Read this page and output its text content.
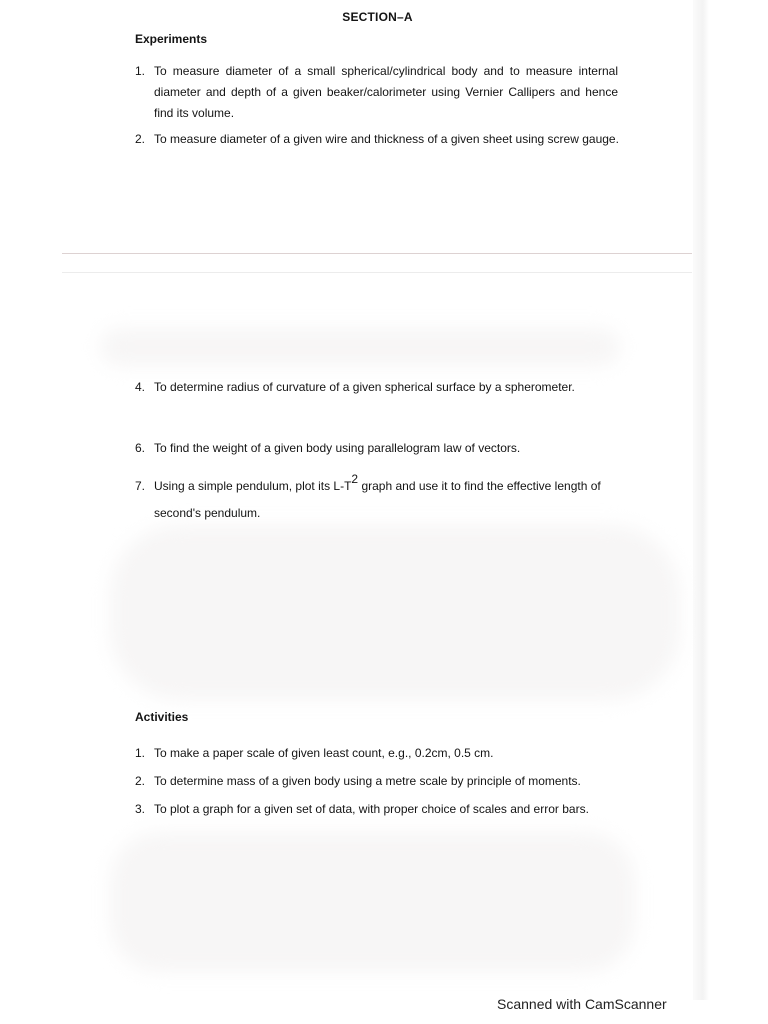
SECTION–A
Experiments
1. To measure diameter of a small spherical/cylindrical body and to measure internal diameter and depth of a given beaker/calorimeter using Vernier Callipers and hence find its volume.
2. To measure diameter of a given wire and thickness of a given sheet using screw gauge.
4. To determine radius of curvature of a given spherical surface by a spherometer.
6. To find the weight of a given body using parallelogram law of vectors.
7. Using a simple pendulum, plot its $L-T^2$ graph and use it to find the effective length of second's pendulum.
Activities
1. To make a paper scale of given least count, e.g., 0.2cm, 0.5 cm.
2. To determine mass of a given body using a metre scale by principle of moments.
3. To plot a graph for a given set of data, with proper choice of scales and error bars.
Scanned with CamScanner
